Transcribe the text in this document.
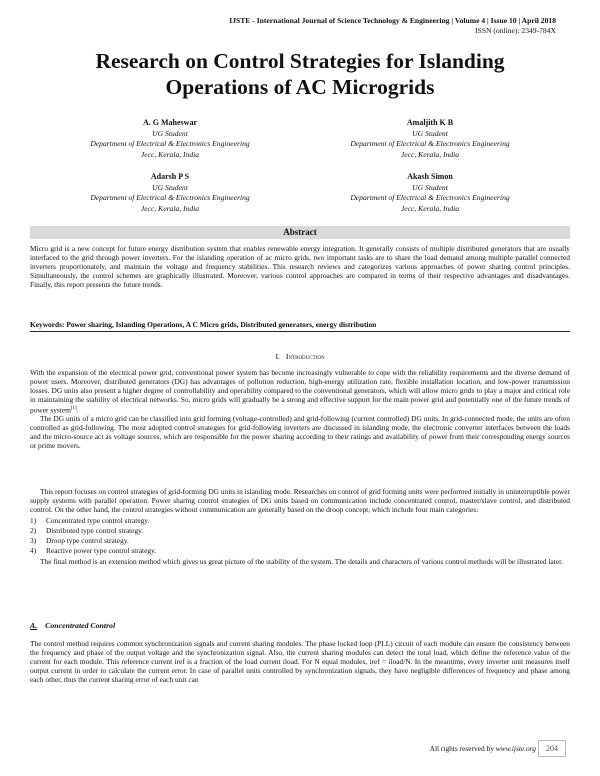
IJSTE - International Journal of Science Technology & Engineering | Volume 4 | Issue 10 | April 2018
ISSN (online): 2349-784X
Research on Control Strategies for Islanding
Operations of AC Microgrids
A. G Maheswar
UG Student
Department of Electrical & Electronics Engineering
Jecc, Kerala, India
Amaljith K B
UG Student
Department of Electrical & Electronics Engineering
Jecc, Kerala, India
Adarsh P S
UG Student
Department of Electrical & Electronics Engineering
Jecc, Kerala, India
Akash Simon
UG Student
Department of Electrical & Electronics Engineering
Jecc, Kerala, India
Abstract

Micro grid is a new concept for future energy distribution system that enables renewable energy integration. It generally consists of multiple distributed generators that are usually interfaced to the grid through power inverters. For the islanding operation of ac micro grids, two important tasks are to share the load demand among multiple parallel connected inverters proportionately, and maintain the voltage and frequency stabilities. This research reviews and categorizes various approaches of power sharing control principles. Simultaneously, the control schemes are graphically illustrated. Moreover, various control approaches are compared in terms of their respective advantages and disadvantages. Finally, this report presents the future trends.

Keywords: Power sharing, Islanding Operations, A C Micro grids, Distributed generators, energy distribution
I. Introduction

With the expansion of the electrical power grid, conventional power system has become increasingly vulnerable to cope with the reliability requirements and the diverse demand of power users. Moreover, distributed generators (DG) has advantages of pollution reduction, high-energy utilization rate, flexible installation location, and low-power transmission losses. DG units also present a higher degree of controllability and operability compared to the conventional generators, which will allow micro grids to play a major and critical role in maintaining the stability of electrical networks. So, micro grids will gradually be a strong and effective support for the main power grid and potentially one of the future trends of power system[1].

The DG units of a micro grid can be classified into grid forming (voltage-controlled) and grid-following (current controlled) DG units. In grid-connected mode, the units are often controlled as grid-following. The most adopted control strategies for grid-following inverters are discussed in islanding mode, the electronic converter interfaces between the loads and the micro-source act as voltage sources, which are responsible for the power sharing according to their ratings and availability of power from their corresponding energy sources or prime movers.

This report focuses on control strategies of grid-forming DG units in islanding mode. Researches on control of grid forming units were performed initially in uninterruptible power supply systems with parallel operation. Power sharing control strategies of DG units based on communication include concentrated control, master/slave control, and distributed control. On the other hand, the control strategies without communication are generally based on the droop concept, which include four main categories:

1) Concentrated type control strategy.
2) Distributed type control strategy.
3) Droop type control strategy.
4) Reactive power type control strategy.

The final method is an extension method which gives us great picture of the stability of the system. The details and characters of various control methods will be illustrated later.

A. Concentrated Control

The control method requires common synchronization signals and current sharing modules. The phase locked loop (PLL) circuit of each module can ensure the consistency between the frequency and phase of the output voltage and the synchronization signal. Also, the current sharing modules can detect the total load, which define the reference value of the current for each module. This reference current iref is a fraction of the load current iload. For N equal modules, iref = iload/N. In the meantime, every inverter unit measures itself output current in order to calculate the current error. In case of parallel units controlled by synchronization signals, they have negligible differences of frequency and phase among each other, thus the current sharing error of each unit can

All rights reserved by www.ijste.org	204
